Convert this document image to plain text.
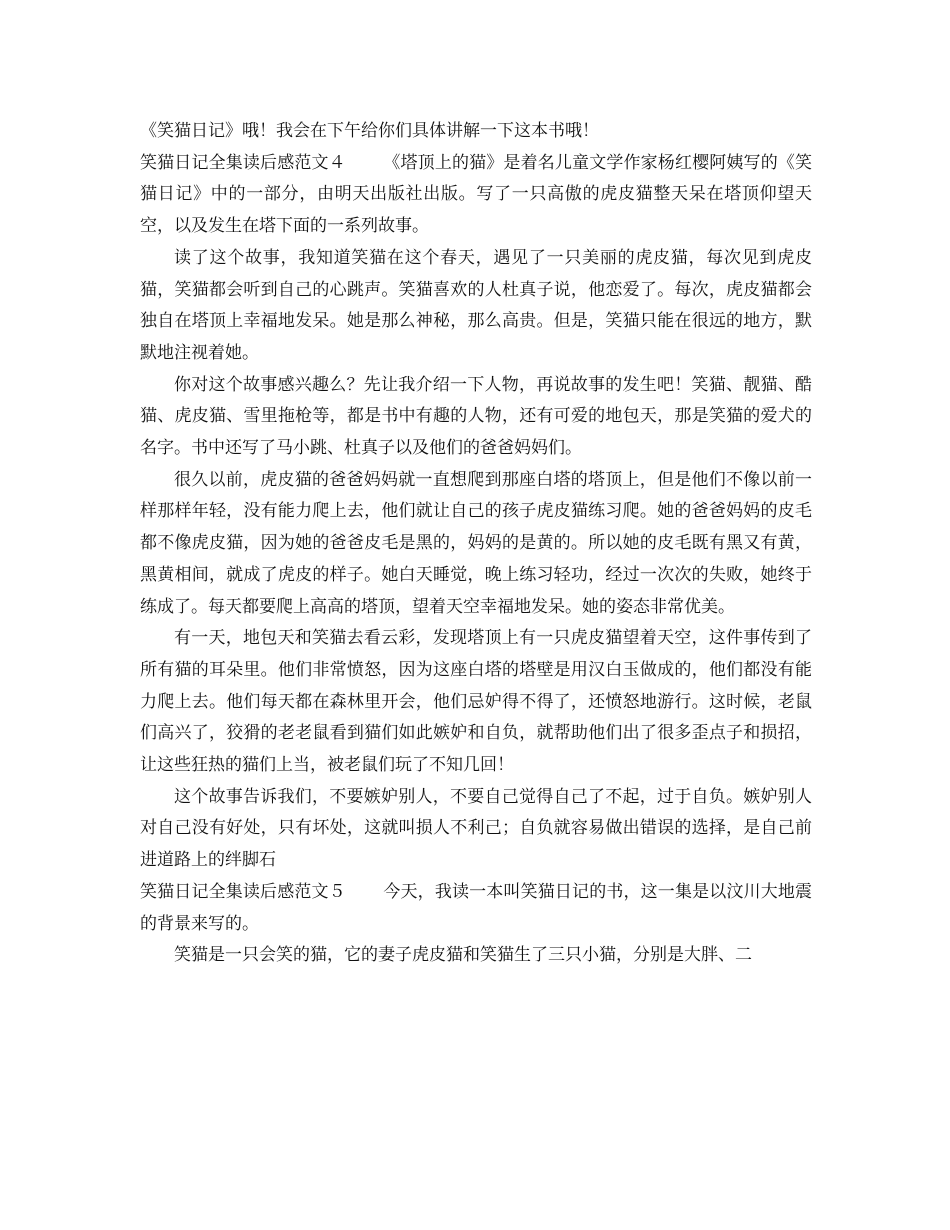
《笑猫日记》哦！我会在下午给你们具体讲解一下这本书哦！

笑猫日记全集读后感范文４ 《塔顶上的猫》是着名儿童文学作家杨红樱阿姨写的《笑猫日记》中的一部分，由明天出版社出版。写了一只高傲的虎皮猫整天呆在塔顶仰望天空，以及发生在塔下面的一系列故事。

读了这个故事，我知道笑猫在这个春天，遇见了一只美丽的虎皮猫，每次见到虎皮猫，笑猫都会听到自己的心跳声。笑猫喜欢的人杜真子说，他恋爱了。每次，虎皮猫都会独自在塔顶上幸福地发呆。她是那么神秘，那么高贵。但是，笑猫只能在很远的地方，默默地注视着她。

你对这个故事感兴趣么？先让我介绍一下人物，再说故事的发生吧！笑猫、靓猫、酷猫、虎皮猫、雪里拖枪等，都是书中有趣的人物，还有可爱的地包天，那是笑猫的爱犬的名字。书中还写了马小跳、杜真子以及他们的爸爸妈妈们。

很久以前，虎皮猫的爸爸妈妈就一直想爬到那座白塔的塔顶上，但是他们不像以前一样那样年轻，没有能力爬上去，他们就让自己的孩子虎皮猫练习爬。她的爸爸妈妈的皮毛都不像虎皮猫，因为她的爸爸皮毛是黑的，妈妈的是黄的。所以她的皮毛既有黑又有黄，黑黄相间，就成了虎皮的样子。她白天睡觉，晚上练习轻功，经过一次次的失败，她终于练成了。每天都要爬上高高的塔顶，望着天空幸福地发呆。她的姿态非常优美。

有一天，地包天和笑猫去看云彩，发现塔顶上有一只虎皮猫望着天空，这件事传到了所有猫的耳朵里。他们非常愤怒，因为这座白塔的塔壁是用汉白玉做成的，他们都没有能力爬上去。他们每天都在森林里开会，他们忌妒得不得了，还愤怒地游行。这时候，老鼠们高兴了，狡猾的老老鼠看到猫们如此嫉妒和自负，就帮助他们出了很多歪点子和损招，让这些狂热的猫们上当，被老鼠们玩了不知几回！

这个故事告诉我们，不要嫉妒别人，不要自己觉得自己了不起，过于自负。嫉妒别人对自己没有好处，只有坏处，这就叫损人不利己；自负就容易做出错误的选择，是自己前进道路上的绊脚石

笑猫日记全集读后感范文５ 今天，我读一本叫笑猫日记的书，这一集是以汶川大地震的背景来写的。

笑猫是一只会笑的猫，它的妻子虎皮猫和笑猫生了三只小猫，分别是大胖、二
